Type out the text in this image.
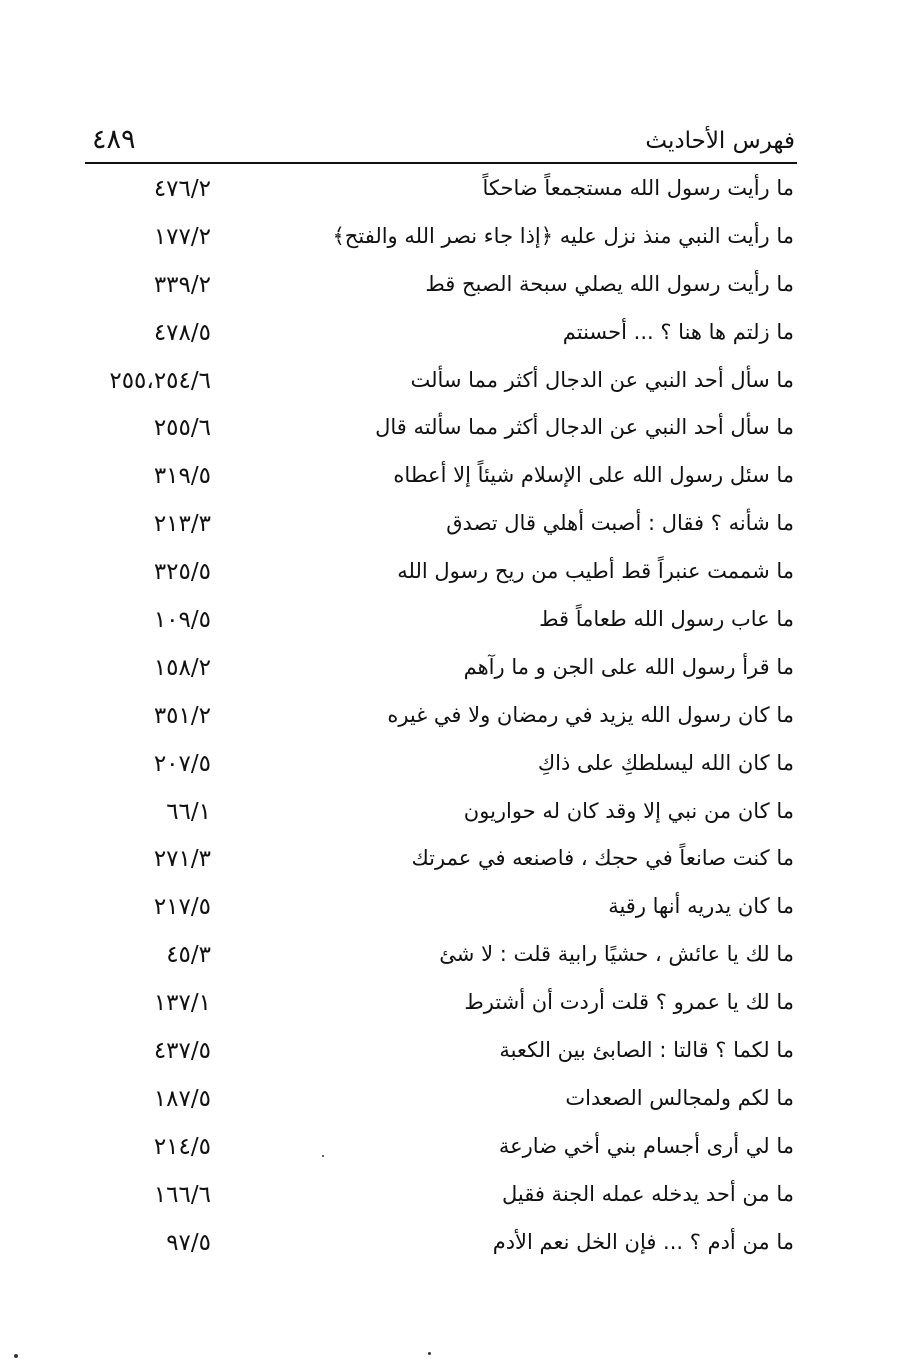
فهرس الأحاديث
٤٨٩
ما رأيت رسول الله مستجمعاً ضاحكاً
٤٧٦/٢
ما رأيت النبي منذ نزل عليه ﴿إذا جاء نصر الله والفتح﴾
١٧٧/٢
ما رأيت رسول الله يصلي سبحة الصبح قط
٣٣٩/٢
ما زلتم ها هنا ؟ ... أحسنتم
٤٧٨/٥
ما سأل أحد النبي عن الدجال أكثر مما سألت
٢٥٥،٢٥٤/٦
ما سأل أحد النبي عن الدجال أكثر مما سألته قال
٢٥٥/٦
ما سئل رسول الله على الإسلام شيئاً إلا أعطاه
٣١٩/٥
ما شأنه ؟ فقال : أصبت أهلي قال تصدق
٢١٣/٣
ما شممت عنبراً قط أطيب من ريح رسول الله
٣٢٥/٥
ما عاب رسول الله طعاماً قط
١٠٩/٥
ما قرأ رسول الله على الجن و ما رآهم
١٥٨/٢
ما كان رسول الله يزيد في رمضان ولا في غيره
٣٥١/٢
ما كان الله ليسلطكِ على ذاكِ
٢٠٧/٥
ما كان من نبي إلا وقد كان له حواريون
٦٦/١
ما كنت صانعاً في حجك ، فاصنعه في عمرتك
٢٧١/٣
ما كان يدريه أنها رقية
٢١٧/٥
ما لك يا عائش ، حشيًا رابية قلت : لا شئ
٤٥/٣
ما لك يا عمرو ؟ قلت أردت أن أشترط
١٣٧/١
ما لكما ؟ قالتا : الصابئ بين الكعبة
٤٣٧/٥
ما لكم ولمجالس الصعدات
١٨٧/٥
ما لي أرى أجسام بني أخي ضارعة
٢١٤/٥
ما من أحد يدخله عمله الجنة فقيل
١٦٦/٦
ما من أدم ؟ ... فإن الخل نعم الأدم
٩٧/٥
